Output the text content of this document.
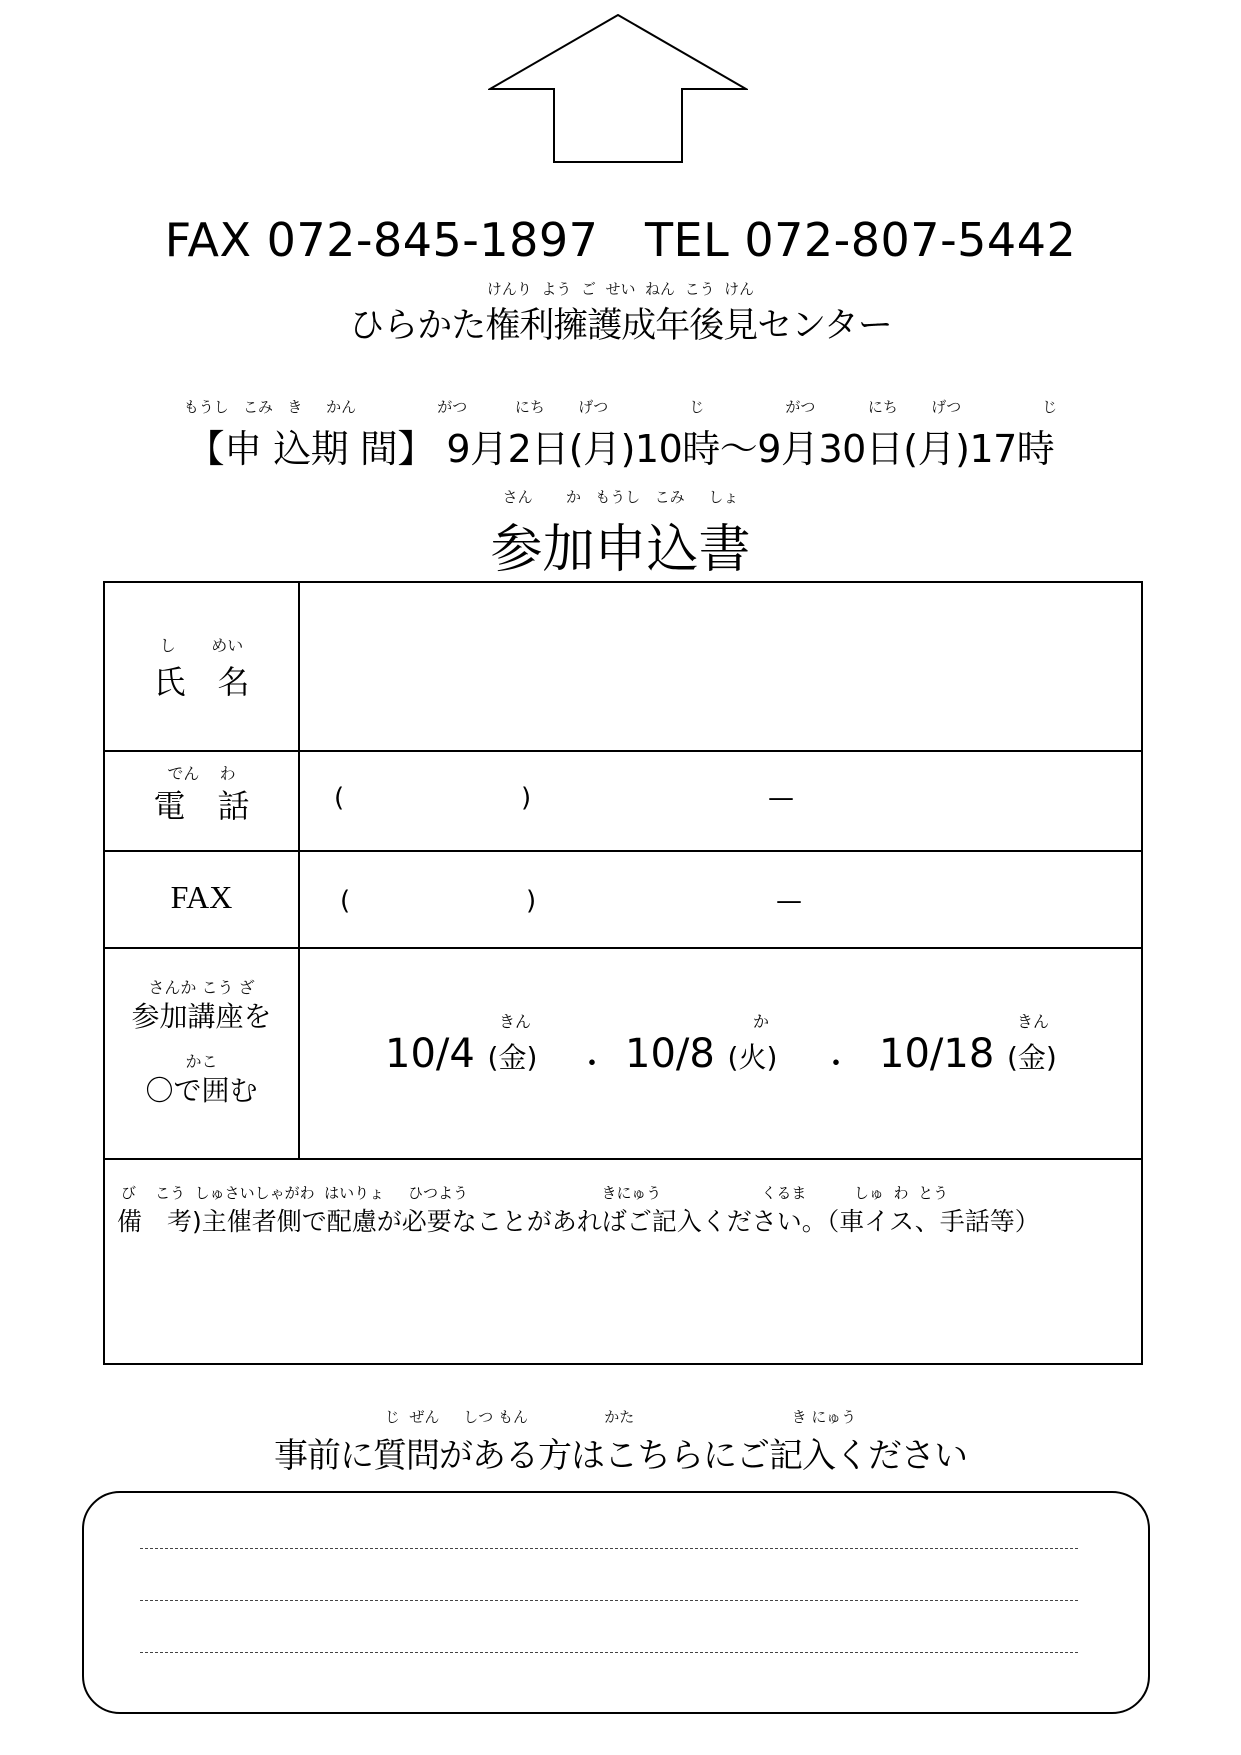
FAX 072-845-1897　TEL 072-807-5442
けんり  よう  ご  せい  ねん  こう  けん
ひらかた権利擁護成年後見センター
もうし   こみ   き     かん                 がつ          にち       げつ                 じ                 がつ           にち       げつ                 じ
【申 込期 間】 9月2日(月)10時～9月30日(月)17時
さん       か   もうし   こみ     しょ
参加申込書
し       めい
氏　名
でん    わ
電　話	(	)	—
FAX	(	)	—
さんか こう ざ
参加講座を
かこ
〇で囲む
きん
10/4 (金) ・
か
10/8 (火) ・
きん
10/18 (金)
び    こう  しゅさいしゃがわ  はいりょ     ひつよう                            きにゅう                     くるま          しゅ  わ  とう
備　考)主催者側で配慮が必要なことがあればご記入ください。（車イス、手話等）
じ  ぜん     しつ もん                かた                                 き にゅう
事前に質問がある方はこちらにご記入ください
